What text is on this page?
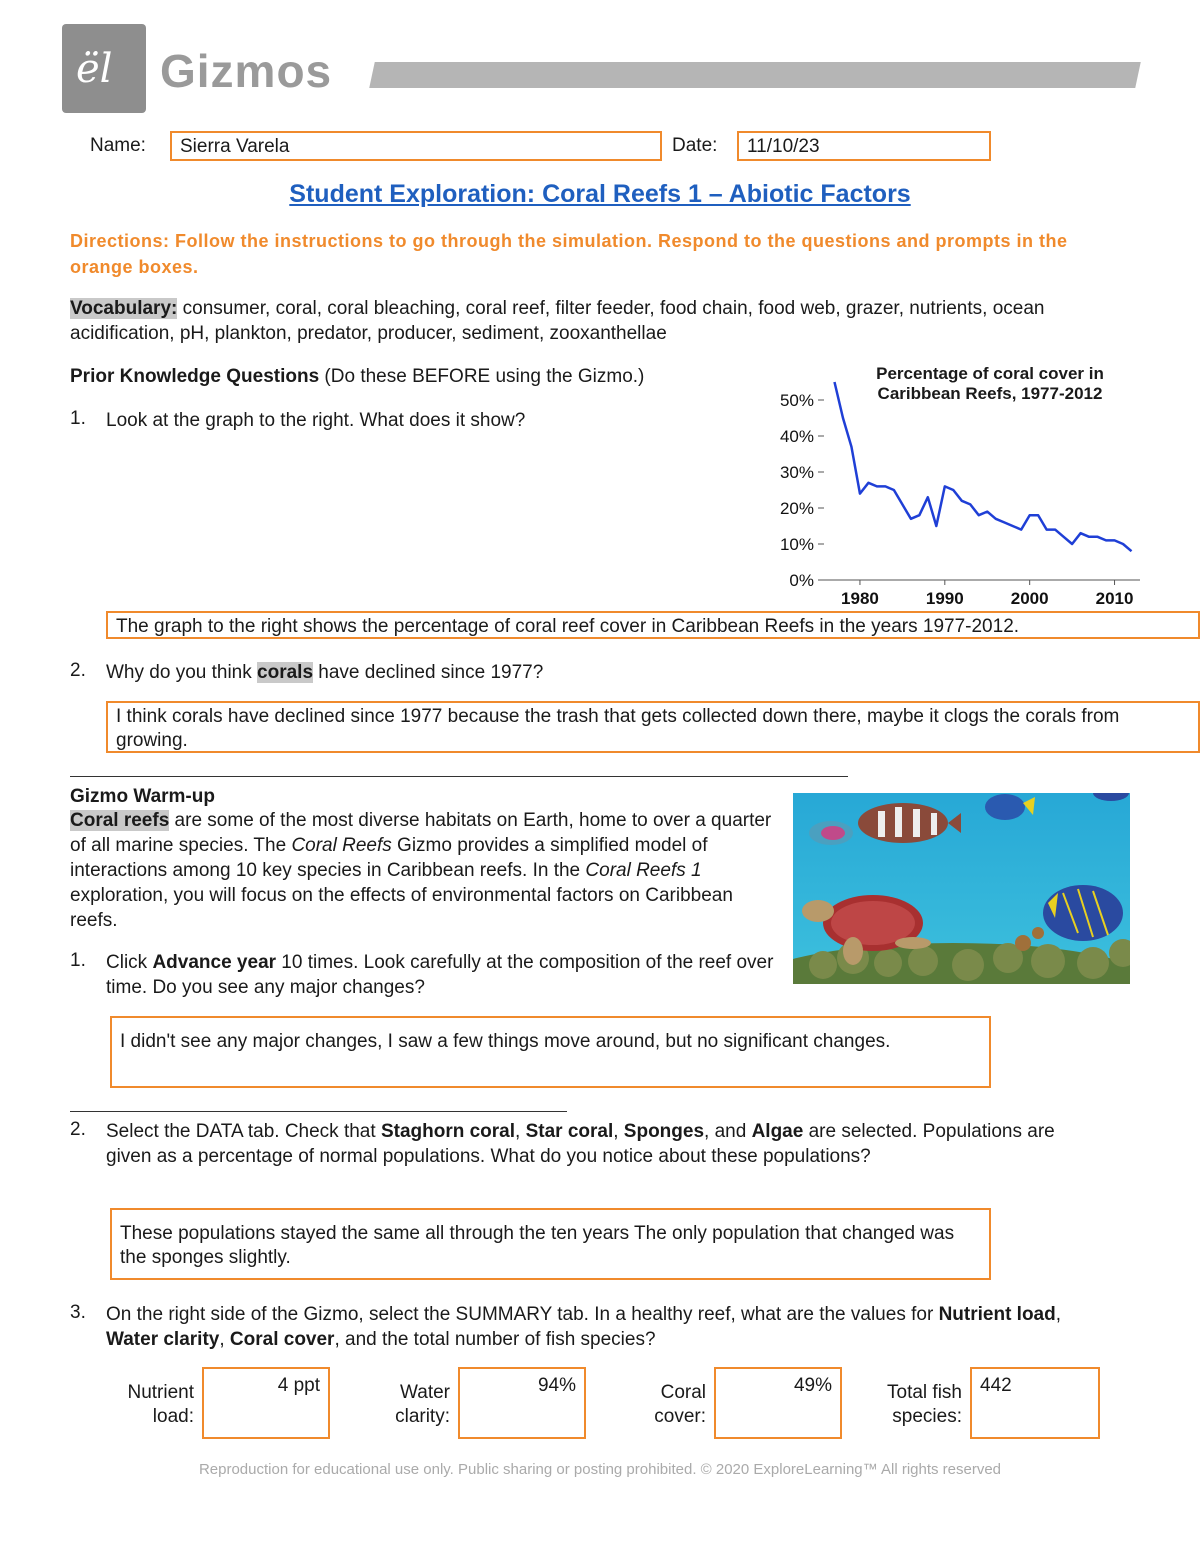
ël Gizmos
Name:	Sierra Varela	Date:	11/10/23
Student Exploration: Coral Reefs 1 – Abiotic Factors
Directions: Follow the instructions to go through the simulation. Respond to the questions and prompts in the orange boxes.
Vocabulary: consumer, coral, coral bleaching, coral reef, filter feeder, food chain, food web, grazer, nutrients, ocean acidification, pH, plankton, predator, producer, sediment, zooxanthellae
Prior Knowledge Questions (Do these BEFORE using the Gizmo.)
1. Look at the graph to the right. What does it show?
Percentage of coral cover in Caribbean Reefs, 1977-2012
0%
10%
20%
30%
40%
50%
1980	1990	2000	2010
The graph to the right shows the percentage of coral reef cover in Caribbean Reefs in the years 1977-2012.
2. Why do you think corals have declined since 1977?
I think corals have declined since 1977 because the trash that gets collected down there, maybe it clogs the corals from growing.
Gizmo Warm-up
Coral reefs are some of the most diverse habitats on Earth, home to over a quarter of all marine species. The Coral Reefs Gizmo provides a simplified model of interactions among 10 key species in Caribbean reefs. In the Coral Reefs 1 exploration, you will focus on the effects of environmental factors on Caribbean reefs.
1. Click Advance year 10 times. Look carefully at the composition of the reef over time. Do you see any major changes?
I didn't see any major changes, I saw a few things move around, but no significant changes.
2. Select the DATA tab. Check that Staghorn coral, Star coral, Sponges, and Algae are selected. Populations are given as a percentage of normal populations. What do you notice about these populations?
These populations stayed the same all through the ten years The only population that changed was the sponges slightly.
3. On the right side of the Gizmo, select the SUMMARY tab. In a healthy reef, what are the values for Nutrient load, Water clarity, Coral cover, and the total number of fish species?
Nutrient
load:
4 ppt	Water
clarity:
94%	Coral
cover:
49%	Total fish
species:
442
Reproduction for educational use only. Public sharing or posting prohibited. © 2020 ExploreLearning™ All rights reserved
